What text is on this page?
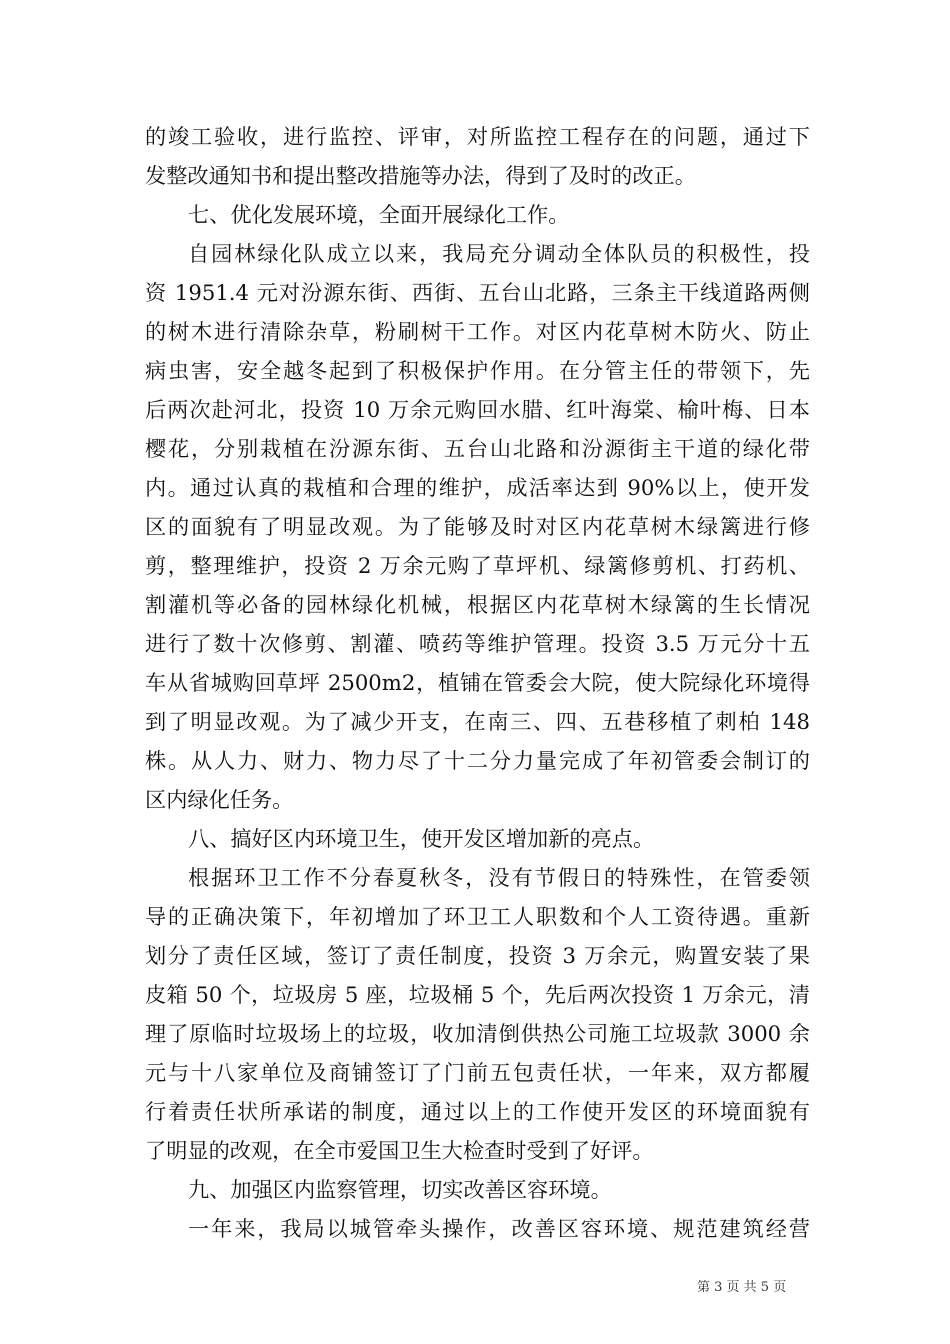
的竣工验收，进行监控、评审，对所监控工程存在的问题，通过下
发整改通知书和提出整改措施等办法，得到了及时的改正。
七、优化发展环境，全面开展绿化工作。
自园林绿化队成立以来，我局充分调动全体队员的积极性，投
资 1951.4 元对汾源东街、西街、五台山北路，三条主干线道路两侧
的树木进行清除杂草，粉刷树干工作。对区内花草树木防火、防止
病虫害，安全越冬起到了积极保护作用。在分管主任的带领下，先
后两次赴河北，投资 10 万余元购回水腊、红叶海棠、榆叶梅、日本
樱花，分别栽植在汾源东街、五台山北路和汾源街主干道的绿化带
内。通过认真的栽植和合理的维护，成活率达到 90%以上，使开发
区的面貌有了明显改观。为了能够及时对区内花草树木绿篱进行修
剪，整理维护，投资 2 万余元购了草坪机、绿篱修剪机、打药机、
割灌机等必备的园林绿化机械，根据区内花草树木绿篱的生长情况
进行了数十次修剪、割灌、喷药等维护管理。投资 3.5 万元分十五
车从省城购回草坪 2500m2，植铺在管委会大院，使大院绿化环境得
到了明显改观。为了减少开支，在南三、四、五巷移植了刺柏 148
株。从人力、财力、物力尽了十二分力量完成了年初管委会制订的
区内绿化任务。
八、搞好区内环境卫生，使开发区增加新的亮点。
根据环卫工作不分春夏秋冬，没有节假日的特殊性，在管委领
导的正确决策下，年初增加了环卫工人职数和个人工资待遇。重新
划分了责任区域，签订了责任制度，投资 3 万余元，购置安装了果
皮箱 50 个，垃圾房 5 座，垃圾桶 5 个，先后两次投资 1 万余元，清
理了原临时垃圾场上的垃圾，收加清倒供热公司施工垃圾款 3000 余
元与十八家单位及商铺签订了门前五包责任状，一年来，双方都履
行着责任状所承诺的制度，通过以上的工作使开发区的环境面貌有
了明显的改观，在全市爱国卫生大检查时受到了好评。
九、加强区内监察管理，切实改善区容环境。
一年来，我局以城管牵头操作，改善区容环境、规范建筑经营
第 3 页 共 5 页
